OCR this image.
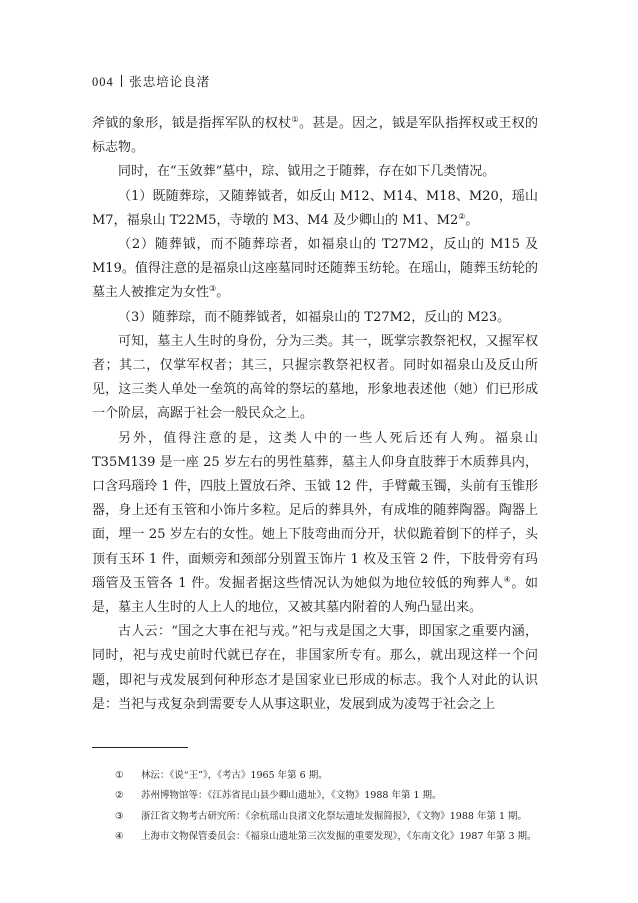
004 张忠培论良渚

斧钺的象形，钺是指挥军队的权杖①。甚是。因之，钺是军队指挥权或王权的标志物。

同时，在“玉敛葬”墓中，琮、钺用之于随葬，存在如下几类情况。

（1）既随葬琮，又随葬钺者，如反山 M12、M14、M18、M20，瑶山 M7，福泉山 T22M5，寺墩的 M3、M4 及少卿山的 M1、M2②。

（2）随葬钺，而不随葬琮者，如福泉山的 T27M2，反山的 M15 及 M19。值得注意的是福泉山这座墓同时还随葬玉纺轮。在瑶山，随葬玉纺轮的墓主人被推定为女性③。

（3）随葬琮，而不随葬钺者，如福泉山的 T27M2，反山的 M23。

可知，墓主人生时的身份，分为三类。其一，既掌宗教祭祀权，又握军权者；其二，仅掌军权者；其三，只握宗教祭祀权者。同时如福泉山及反山所见，这三类人单处一垒筑的高耸的祭坛的墓地，形象地表述他（她）们已形成一个阶层，高踞于社会一般民众之上。

另外，值得注意的是，这类人中的一些人死后还有人殉。福泉山 T35M139 是一座 25 岁左右的男性墓葬，墓主人仰身直肢葬于木质葬具内，口含玛瑙玲 1 件，四肢上置放石斧、玉钺 12 件，手臂戴玉镯，头前有玉锥形器，身上还有玉管和小饰片多粒。足后的葬具外，有成堆的随葬陶器。陶器上面，埋一 25 岁左右的女性。她上下肢弯曲而分开，状似跪着倒下的样子，头顶有玉环 1 件，面颊旁和颈部分别置玉饰片 1 枚及玉管 2 件，下肢骨旁有玛瑙管及玉管各 1 件。发掘者据这些情况认为她似为地位较低的殉葬人④。如是，墓主人生时的人上人的地位，又被其墓内附着的人殉凸显出来。

古人云：“国之大事在祀与戎。”祀与戎是国之大事，即国家之重要内涵，同时，祀与戎史前时代就已存在，非国家所专有。那么，就出现这样一个问题，即祀与戎发展到何种形态才是国家业已形成的标志。我个人对此的认识是：当祀与戎复杂到需要专人从事这职业，发展到成为凌驾于社会之上

①	林沄：《说“王”》，《考古》1965 年第 6 期。
②	苏州博物馆等：《江苏省昆山县少卿山遗址》，《文物》1988 年第 1 期。
③	浙江省文物考古研究所：《余杭瑶山良渚文化祭坛遗址发掘简报》，《文物》1988 年第 1 期。
④	上海市文物保管委员会：《福泉山遗址第三次发掘的重要发现》，《东南文化》1987 年第 3 期。
